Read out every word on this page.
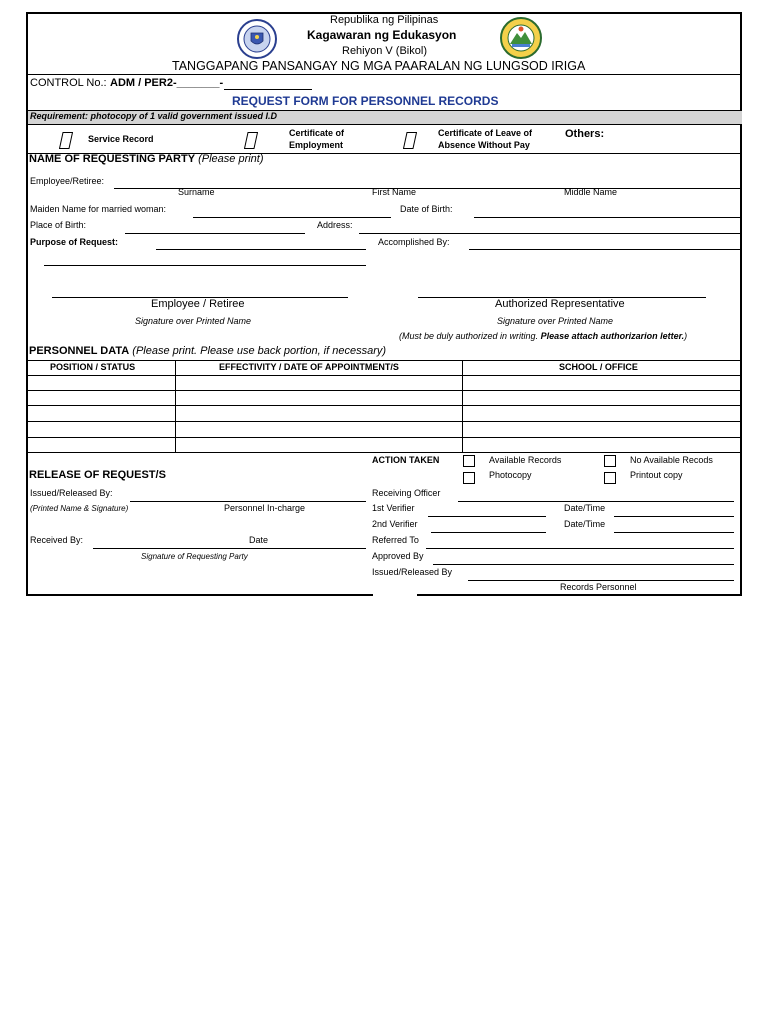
Republika ng Pilipinas
Kagawaran ng Edukasyon
Rehiyon V (Bikol)
TANGGAPANG PANSANGAY NG MGA PAARALAN NG LUNGSOD IRIGA
CONTROL No.: ADM / PER2-_______-
REQUEST FORM FOR PERSONNEL RECORDS
Requirement: photocopy of 1 valid government issued I.D
Service Record
Certificate of
Employment
Certificate of Leave of
Absence Without Pay
Others:
NAME OF REQUESTING PARTY (Please print)
Employee/Retiree:
Surname	First Name	Middle Name
Maiden Name for married woman:	Date of Birth:
Place of Birth:	Address:
Purpose of Request:	Accomplished By:
Employee / Retiree
Signature over Printed Name
Authorized Representative
Signature over Printed Name
(Must be duly authorized in writing. Please attach authorizarion letter.)
PERSONNEL DATA (Please print. Please use back portion, if necessary)
POSITION / STATUS	EFFECTIVITY / DATE OF APPOINTMENT/S	SCHOOL / OFFICE
RELEASE OF REQUEST/S
Issued/Released By:
(Printed Name & Signature)	Personnel In-charge
Received By:	Date
Signature of Requesting Party
ACTION TAKEN	Available Records	No Available Recods
Photocopy	Printout copy
Receiving Officer
1st Verifier	Date/Time
2nd Verifier	Date/Time
Referred To
Approved By
Issued/Released By
Records Personnel
